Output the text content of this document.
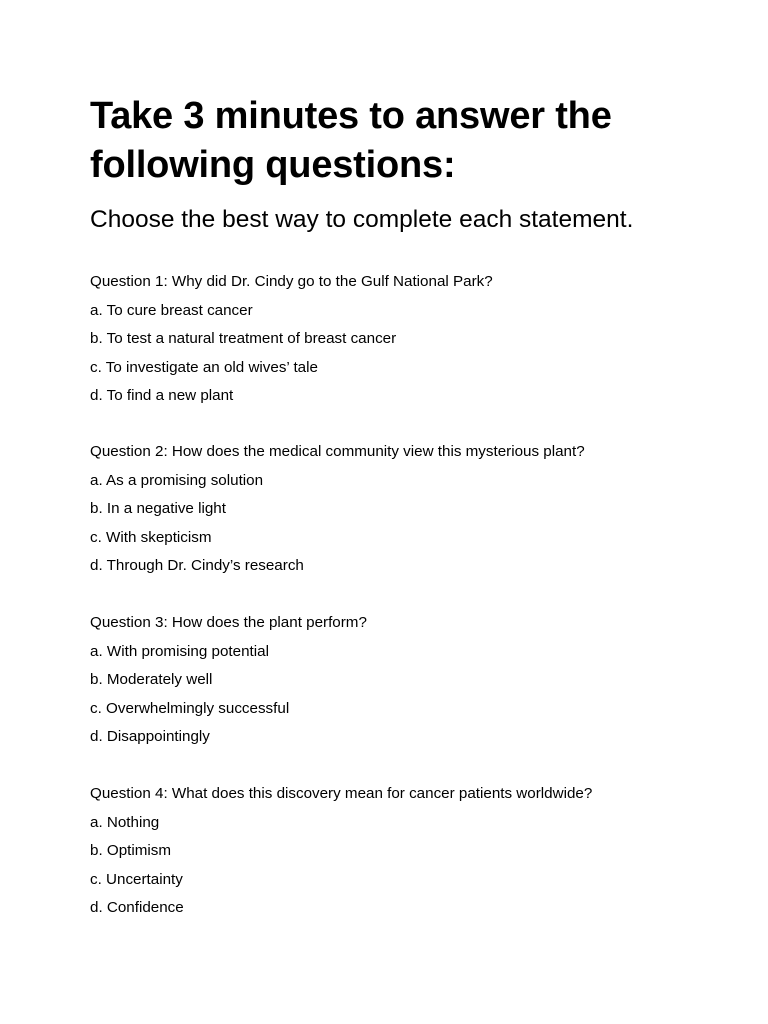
Take 3 minutes to answer the following questions:
Choose the best way to complete each statement.

Question 1: Why did Dr. Cindy go to the Gulf National Park?

a. To cure breast cancer

b. To test a natural treatment of breast cancer

c. To investigate an old wives’ tale

d. To find a new plant

Question 2: How does the medical community view this mysterious plant?

a. As a promising solution

b. In a negative light

c. With skepticism

d. Through Dr. Cindy’s research

Question 3: How does the plant perform?

a. With promising potential

b. Moderately well

c. Overwhelmingly successful

d. Disappointingly

Question 4: What does this discovery mean for cancer patients worldwide?

a. Nothing

b. Optimism

c. Uncertainty

d. Confidence
